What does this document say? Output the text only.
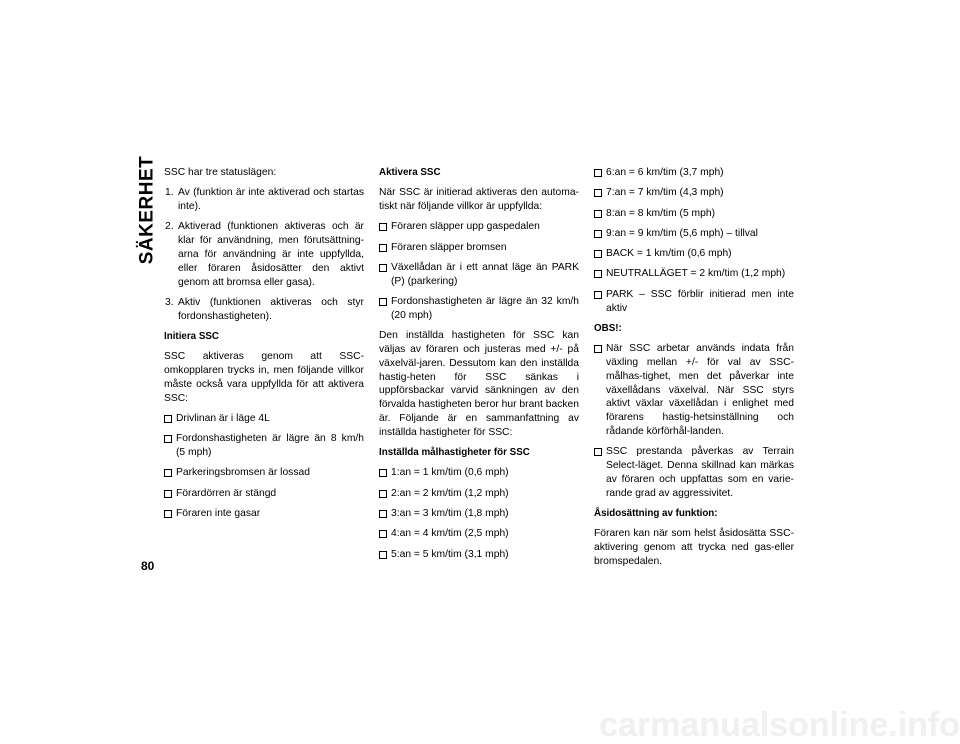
SÄKERHET
80

SSC har tre statuslägen:

1. Av (funktion är inte aktiverad och startas inte).
2. Aktiverad (funktionen aktiveras och är klar för användning, men förutsättning-arna för användning är inte uppfyllda, eller föraren åsidosätter den aktivt genom att bromsa eller gasa).
3. Aktiv (funktionen aktiveras och styr fordonshastigheten).
Initiera SSC

SSC aktiveras genom att SSC-omkopplaren trycks in, men följande villkor måste också vara uppfyllda för att aktivera SSC:

Drivlinan är i läge 4L
Fordonshastigheten är lägre än 8 km/h (5 mph)
Parkeringsbromsen är lossad
Förardörren är stängd
Föraren inte gasar
Aktivera SSC

När SSC är initierad aktiveras den automa-tiskt när följande villkor är uppfyllda:

Föraren släpper upp gaspedalen
Föraren släpper bromsen
Växellådan är i ett annat läge än PARK (P) (parkering)
Fordonshastigheten är lägre än 32 km/h (20 mph)

Den inställda hastigheten för SSC kan väljas av föraren och justeras med +/- på växelväl-jaren. Dessutom kan den inställda hastig-heten för SSC sänkas i uppförsbackar varvid sänkningen av den förvalda hastigheten beror hur brant backen är. Följande är en sammanfattning av inställda hastigheter för SSC:

Inställda målhastigheter för SSC
1:an = 1 km/tim (0,6 mph)
2:an = 2 km/tim (1,2 mph)
3:an = 3 km/tim (1,8 mph)
4:an = 4 km/tim (2,5 mph)
5:an = 5 km/tim (3,1 mph)
6:an = 6 km/tim (3,7 mph)
7:an = 7 km/tim (4,3 mph)
8:an = 8 km/tim (5 mph)
9:an = 9 km/tim (5,6 mph) – tillval
BACK = 1 km/tim (0,6 mph)
NEUTRALLÄGET = 2 km/tim (1,2 mph)
PARK – SSC förblir initierad men inte aktiv
OBS!:
När SSC arbetar används indata från växling mellan +/- för val av SSC-målhas-tighet, men det påverkar inte växellådans växelval. När SSC styrs aktivt växlar växellådan i enlighet med förarens hastig-hetsinställning och rådande körförhål-landen.
SSC prestanda påverkas av Terrain Select-läget. Denna skillnad kan märkas av föraren och uppfattas som en varie-rande grad av aggressivitet.
Åsidosättning av funktion:

Föraren kan när som helst åsidosätta SSC-aktivering genom att trycka ned gas-eller bromspedalen.

carmanualsonline.info
